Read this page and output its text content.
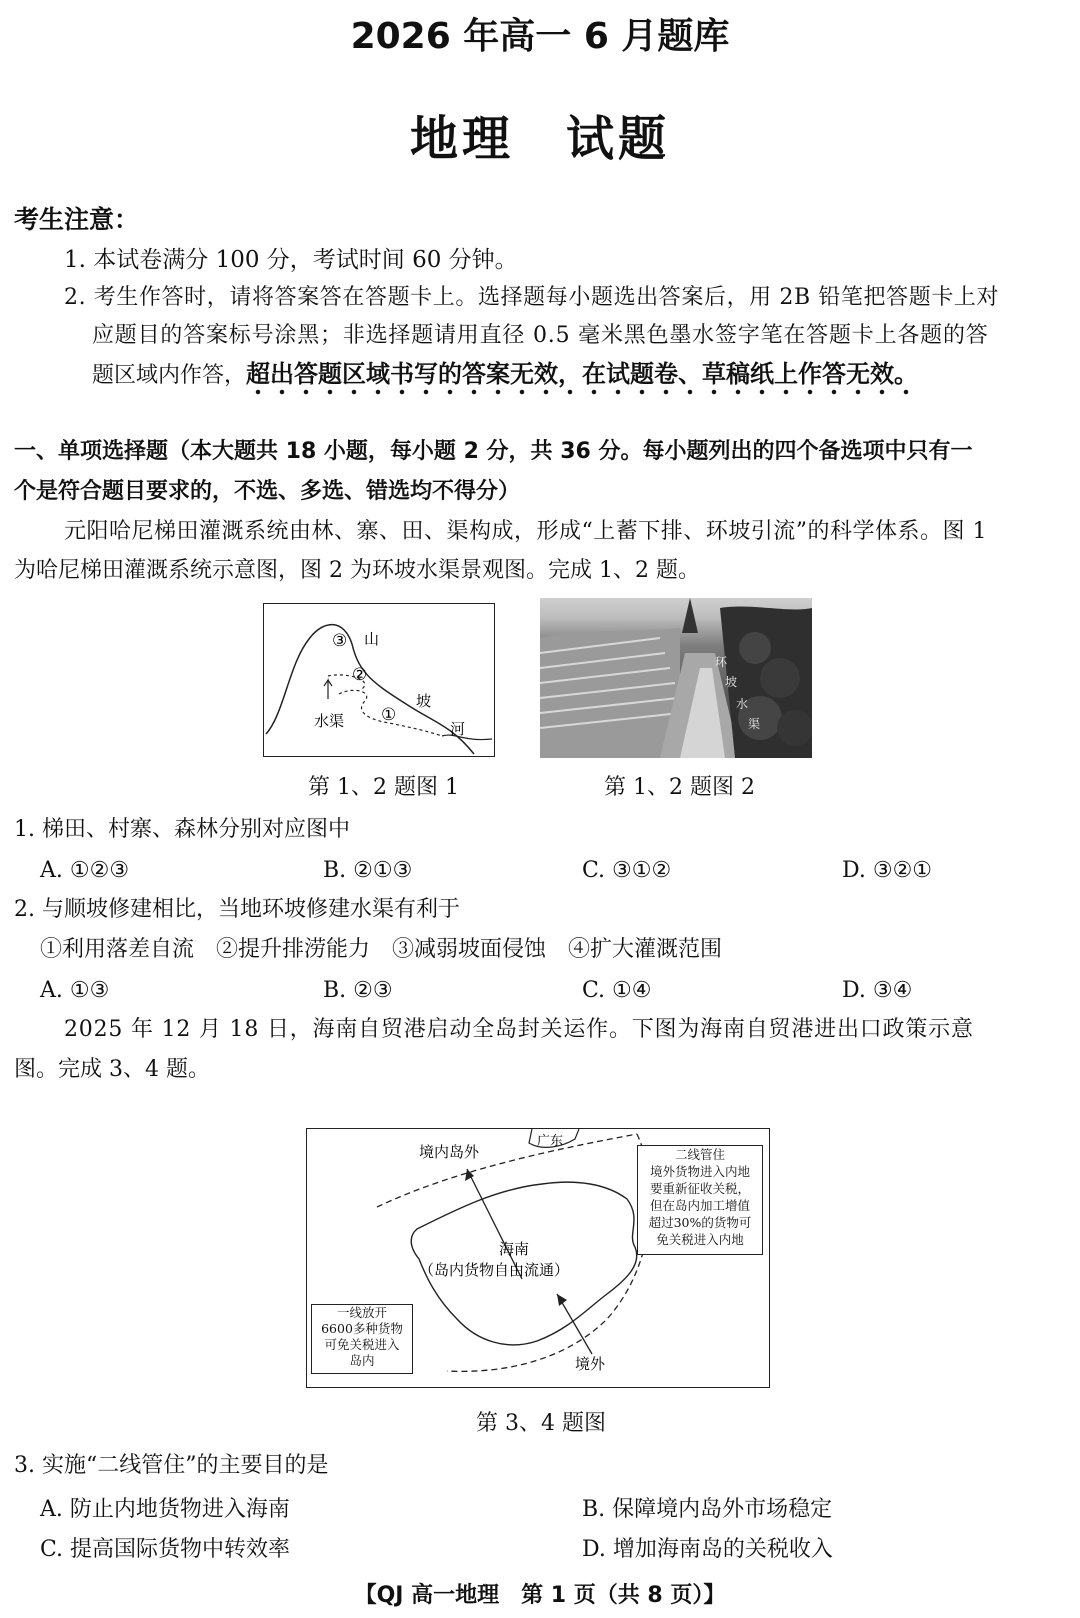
2026 年高一 6 月题库
地理　试题
考生注意：
1. 本试卷满分 100 分，考试时间 60 分钟。
2. 考生作答时，请将答案答在答题卡上。选择题每小题选出答案后，用 2B 铅笔把答题卡上对
应题目的答案标号涂黑；非选择题请用直径 0.5 毫米黑色墨水签字笔在答题卡上各题的答
题区域内作答，超出答题区域书写的答案无效，在试题卷、草稿纸上作答无效。
一、单项选择题（本大题共 18 小题，每小题 2 分，共 36 分。每小题列出的四个备选项中只有一
个是符合题目要求的，不选、多选、错选均不得分）
元阳哈尼梯田灌溉系统由林、寨、田、渠构成，形成“上蓄下排、环坡引流”的科学体系。图 1
为哈尼梯田灌溉系统示意图，图 2 为环坡水渠景观图。完成 1、2 题。
③ 山
②
坡
①
水渠	河
第 1、2 题图 1
环
坡
水
渠
第 1、2 题图 2
1. 梯田、村寨、森林分别对应图中
A. ①②③	B. ②①③	C. ③①②	D. ③②①
2. 与顺坡修建相比，当地环坡修建水渠有利于
①利用落差自流　②提升排涝能力　③减弱坡面侵蚀　④扩大灌溉范围
A. ①③	B. ②③	C. ①④	D. ③④
2025 年 12 月 18 日，海南自贸港启动全岛封关运作。下图为海南自贸港进出口政策示意
图。完成 3、4 题。
境内岛外
广东
海南
（岛内货物自由流通）
境外
二线管住
境外货物进入内地
要重新征收关税，
但在岛内加工增值
超过30%的货物可
免关税进入内地
一线放开
6600多种货物
可免关税进入
岛内
第 3、4 题图
3. 实施“二线管住”的主要目的是
A. 防止内地货物进入海南	B. 保障境内岛外市场稳定
C. 提高国际货物中转效率	D. 增加海南岛的关税收入
【QJ 高一地理　第 1 页（共 8 页）】
